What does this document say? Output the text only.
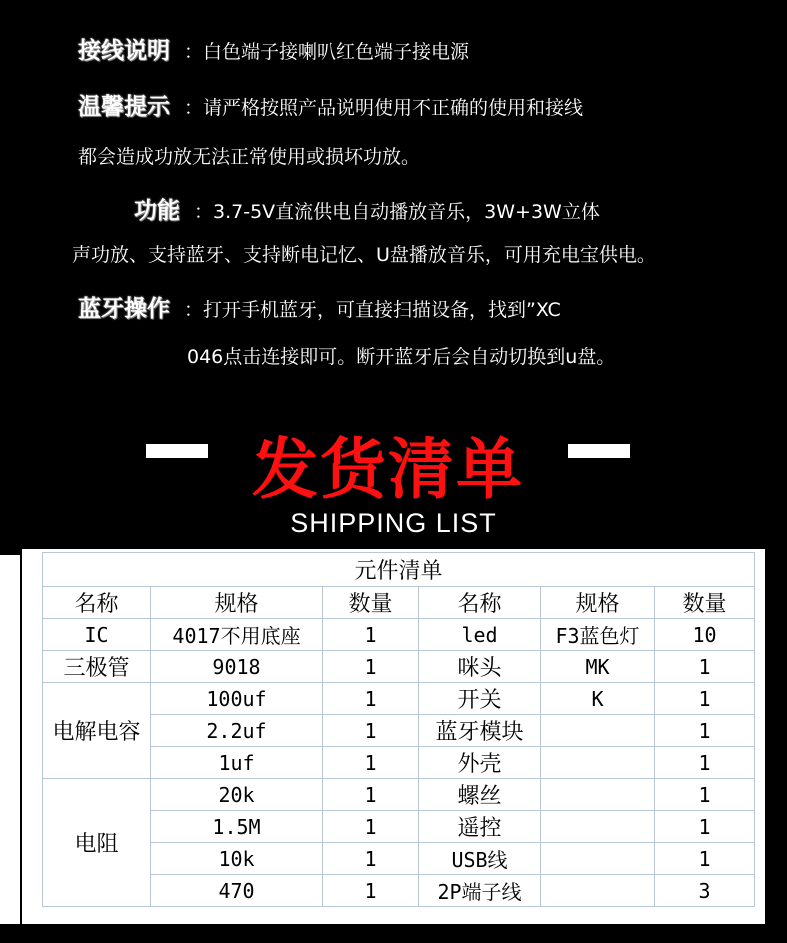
接线说明 ：白色端子接喇叭红色端子接电源
温馨提示 ：请严格按照产品说明使用不正确的使用和接线
都会造成功放无法正常使用或损坏功放。
功能 ：3.7-5V直流供电自动播放音乐，3W+3W立体
声功放、支持蓝牙、支持断电记忆、U盘播放音乐，可用充电宝供电。
蓝牙操作 ：打开手机蓝牙，可直接扫描设备，找到”XC
046点击连接即可。断开蓝牙后会自动切换到u盘。
发货清单
SHIPPING LIST
元件清单					
名称	规格	数量	名称	规格	数量
IC	4017不用底座	1	led	F3蓝色灯	10
三极管	9018	1	咪头	MK	1
电解电容	100uf	1	开关	K	1
	2.2uf	1	蓝牙模块		1
	1uf	1	外壳		1
电阻	20k	1	螺丝		1
	1.5M	1	遥控		1
	10k	1	USB线		1
	470	1	2P端子线		3
